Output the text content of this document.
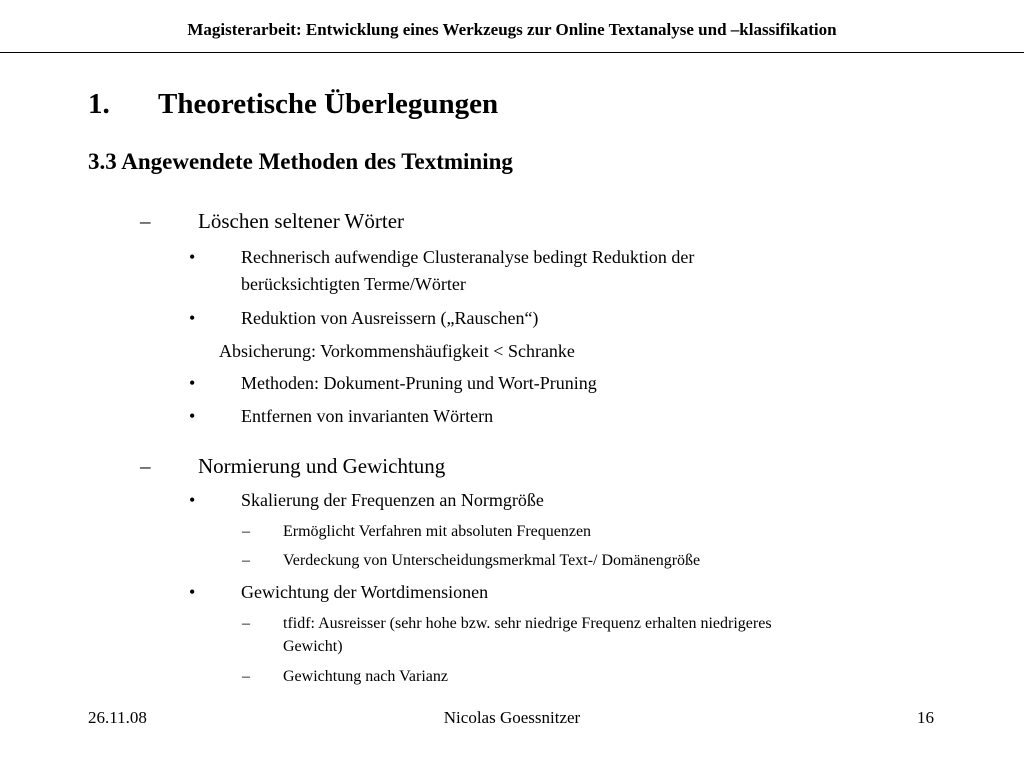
Magisterarbeit: Entwicklung eines Werkzeugs zur Online Textanalyse und –klassifikation
1. Theoretische Überlegungen
3.3 Angewendete Methoden des Textmining
– Löschen seltener Wörter
•	Rechnerisch aufwendige Clusteranalyse bedingt Reduktion der
berücksichtigten Terme/Wörter
•	Reduktion von Ausreissern („Rauschen“)
Absicherung: Vorkommenshäufigkeit < Schranke
•	Methoden: Dokument-Pruning und Wort-Pruning
•	Entfernen von invarianten Wörtern
– Normierung und Gewichtung
•	Skalierung der Frequenzen an Normgröße
– Ermöglicht Verfahren mit absoluten Frequenzen
– Verdeckung von Unterscheidungsmerkmal Text-/ Domänengröße
•	Gewichtung der Wortdimensionen
– tfidf: Ausreisser (sehr hohe bzw. sehr niedrige Frequenz erhalten niedrigeres
Gewicht)
– Gewichtung nach Varianz
26.11.08	Nicolas Goessnitzer	16
